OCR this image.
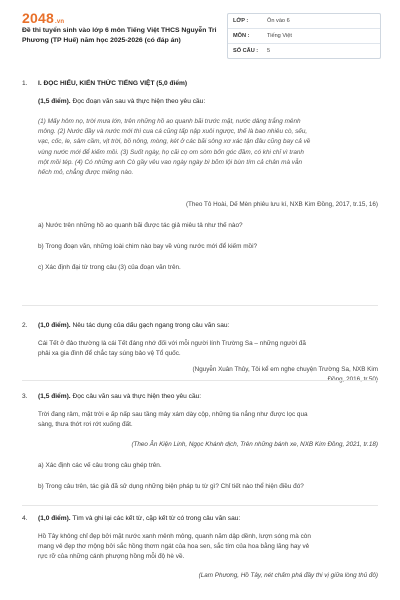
2048.vn
Đề thi tuyển sinh vào lớp 6 môn Tiếng Việt THCS Nguyễn Tri Phương (TP Huế) năm học 2025-2026 (có đáp án)
LỚP :	Ôn vào 6
MÔN :	Tiếng Việt
SỐ CÂU :	5
1. I. ĐỌC HIỂU, KIẾN THỨC TIẾNG VIỆT (5,0 điểm)
(1,5 điểm). Đọc đoạn văn sau và thực hiện theo yêu cầu:
(1) Mấy hôm nọ, trời mưa lớn, trên những hồ ao quanh bãi trước mặt, nước dâng trắng mênh
mông. (2) Nước đầy và nước mới thì cua cá cũng tấp nập xuôi ngược, thế là bao nhiêu cò, sếu,
vạc, cốc, le, sâm cầm, vịt trời, bồ nông, mòng, két ở các bãi sông xơ xác tận đâu cũng bay cả về
vùng nước mới để kiếm mồi. (3) Suốt ngày, họ cãi cọ om sòm bốn góc đầm, có khi chỉ vì tranh
một mồi tép. (4) Có những anh Cò gầy vêu vao ngày ngày bì bõm lội bùn tím cả chân mà vẫn
hếch mỏ, chẳng được miếng nào.
(Theo Tô Hoài, Dế Mèn phiêu lưu kí, NXB Kim Đồng, 2017, tr.15, 16)
a) Nước trên những hồ ao quanh bãi được tác giả miêu tả như thế nào?
b) Trong đoạn văn, những loài chim nào bay về vùng nước mới để kiếm mồi?
c) Xác định đại từ trong câu (3) của đoạn văn trên.
2. (1,0 điểm). Nêu tác dụng của dấu gạch ngang trong câu văn sau:
Cái Tết ở đảo thường là cái Tết đáng nhớ đối với mỗi người lính Trường Sa – những người đã
phải xa gia đình để chắc tay súng bảo vệ Tổ quốc.
(Nguyễn Xuân Thủy, Tôi kể em nghe chuyện Trường Sa, NXB Kim
Đồng, 2016, tr.50)
3. (1,5 điểm). Đọc câu văn sau và thực hiện theo yêu cầu:
Trời đang râm, mặt trời e ấp nấp sau tầng mây xám dày cộp, những tia nắng như được lọc qua
sàng, thưa thớt rơi rớt xuống đất.
(Theo Ân Kiện Linh, Ngọc Khánh dịch, Trên những bánh xe, NXB Kim Đồng, 2021, tr.18)
a) Xác định các vế câu trong câu ghép trên.
b) Trong câu trên, tác giả đã sử dụng những biện pháp tu từ gì? Chỉ tiết nào thể hiện điều đó?
4. (1,0 điểm). Tìm và ghi lại các kết từ, cặp kết từ có trong câu văn sau:
Hồ Tây không chỉ đẹp bởi mặt nước xanh mênh mông, quanh năm dập dềnh, lượn sóng mà còn
mang vẻ đẹp thơ mộng bởi sắc hồng thơm ngát của hoa sen, sắc tím của hoa bằng lăng hay vẻ
rực rỡ của những cánh phượng hồng mỗi độ hè về.
(Lam Phương, Hồ Tây, nét chấm phá đầy thi vị giữa lòng thủ đô)
